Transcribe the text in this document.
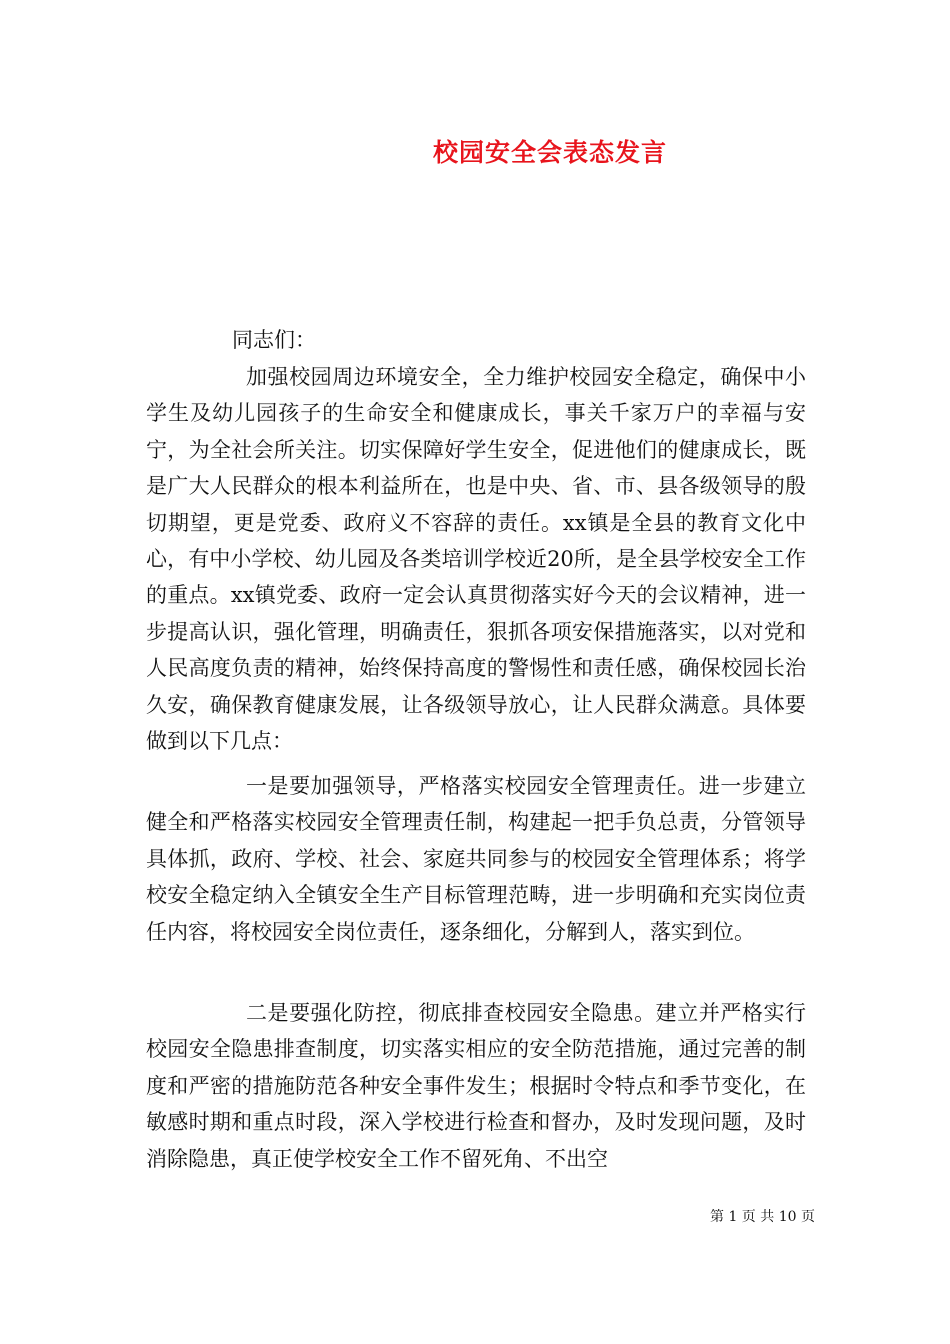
校园安全会表态发言
同志们：

加强校园周边环境安全，全力维护校园安全稳定，确保中小学生及幼儿园孩子的生命安全和健康成长，事关千家万户的幸福与安宁，为全社会所关注。切实保障好学生安全，促进他们的健康成长，既是广大人民群众的根本利益所在，也是中央、省、市、县各级领导的殷切期望，更是党委、政府义不容辞的责任。xx镇是全县的教育文化中心，有中小学校、幼儿园及各类培训学校近20所，是全县学校安全工作的重点。xx镇党委、政府一定会认真贯彻落实好今天的会议精神，进一步提高认识，强化管理，明确责任，狠抓各项安保措施落实，以对党和人民高度负责的精神，始终保持高度的警惕性和责任感，确保校园长治久安，确保教育健康发展，让各级领导放心，让人民群众满意。具体要做到以下几点：

一是要加强领导，严格落实校园安全管理责任。进一步建立健全和严格落实校园安全管理责任制，构建起一把手负总责，分管领导具体抓，政府、学校、社会、家庭共同参与的校园安全管理体系；将学校安全稳定纳入全镇安全生产目标管理范畴，进一步明确和充实岗位责任内容，将校园安全岗位责任，逐条细化，分解到人，落实到位。

二是要强化防控，彻底排查校园安全隐患。建立并严格实行校园安全隐患排查制度，切实落实相应的安全防范措施，通过完善的制度和严密的措施防范各种安全事件发生；根据时令特点和季节变化，在敏感时期和重点时段，深入学校进行检查和督办，及时发现问题，及时消除隐患，真正使学校安全工作不留死角、不出空

第 1 页 共 10 页
